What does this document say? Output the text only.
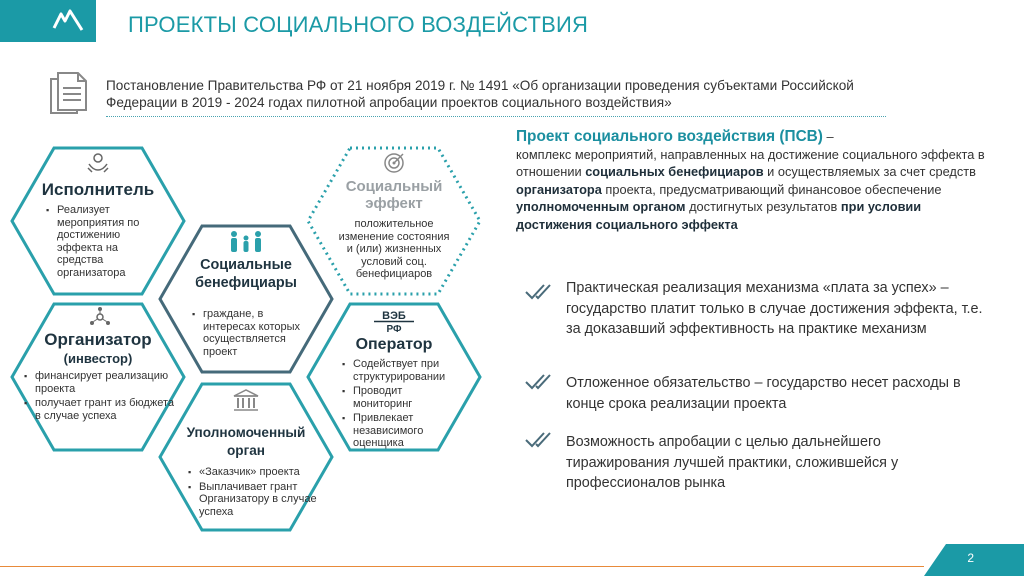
ПРОЕКТЫ СОЦИАЛЬНОГО ВОЗДЕЙСТВИЯ
Постановление Правительства РФ от 21 ноября 2019 г. № 1491 «Об организации проведения субъектами Российской Федерации в 2019 - 2024 годах пилотной апробации проектов социального воздействия»
Исполнитель
▪ Реализует мероприятия по достижению эффекта на средства организатора
Социальный эффект
положительное изменение состояния и (или) жизненных условий соц. бенефициаров
Социальные бенефициары
▪ граждане, в интересах которых осуществляется проект
Организатор
(инвестор)
▪ финансирует реализацию проекта
▪ получает грант из бюджета в случае успеха
ВЭБ
РФ
Оператор
▪ Содействует при структурировании
▪ Проводит мониторинг
▪ Привлекает независимого оценщика
Уполномоченный орган
▪ «Заказчик» проекта
▪ Выплачивает грант Организатору в случае успеха
Проект социального воздействия (ПСВ) –
комплекс мероприятий, направленных на достижение социального эффекта в отношении социальных бенефициаров и осуществляемых за счет средств организатора проекта, предусматривающий финансовое обеспечение уполномоченным органом достигнутых результатов при условии достижения социального эффекта
Практическая реализация механизма «плата за успех» – государство платит только в случае достижения эффекта, т.е. за доказавший эффективность на практике механизм
Отложенное обязательство – государство несет расходы в конце срока реализации проекта
Возможность апробации с целью дальнейшего тиражирования лучшей практики, сложившейся у профессионалов рынка
2
